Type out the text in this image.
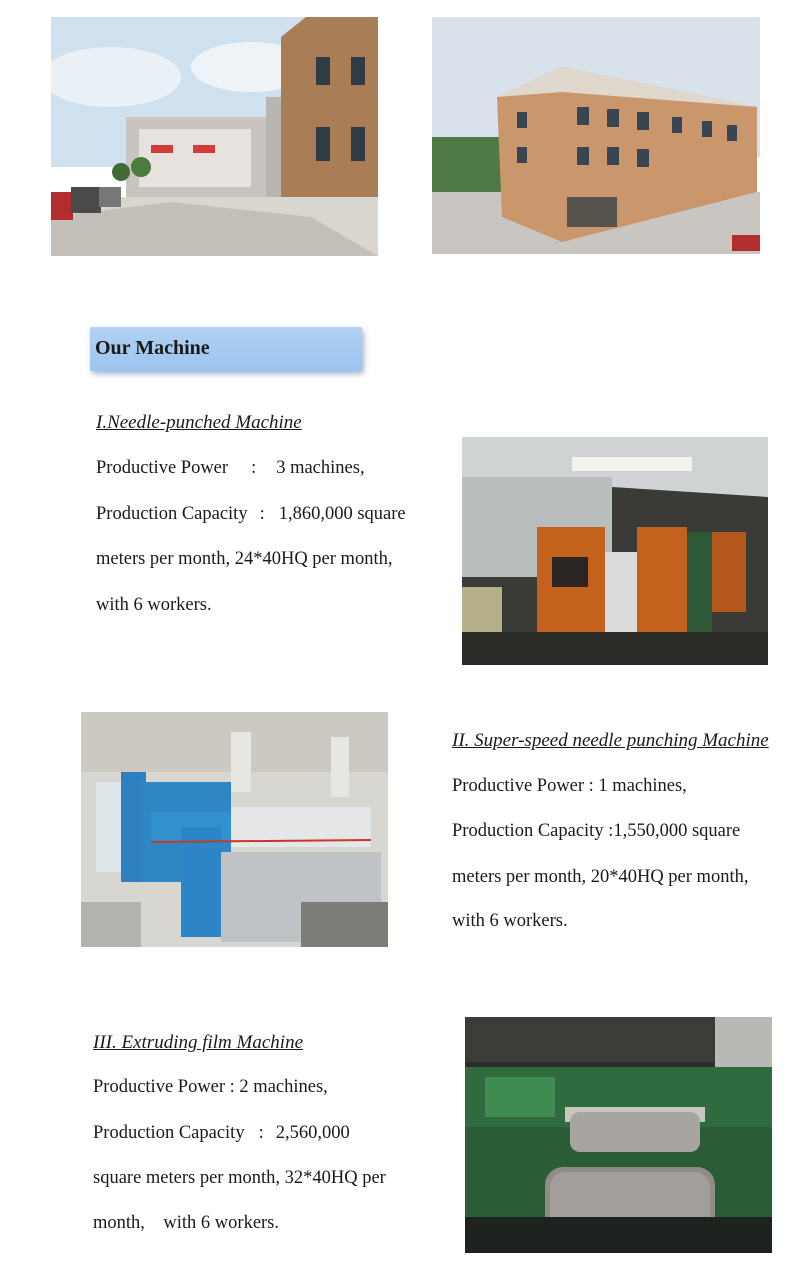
Our Machine
I.Needle-punched Machine
Productive Power : 3 machines,
Production Capacity : 1,860,000 square
meters per month, 24*40HQ per month,
with 6 workers.
II. Super-speed needle punching Machine
Productive Power : 1 machines,
Production Capacity :1,550,000 square
meters per month, 20*40HQ per month,
with 6 workers.
III. Extruding film Machine
Productive Power : 2 machines,
Production Capacity : 2,560,000
square meters per month, 32*40HQ per
month,    with 6 workers.
